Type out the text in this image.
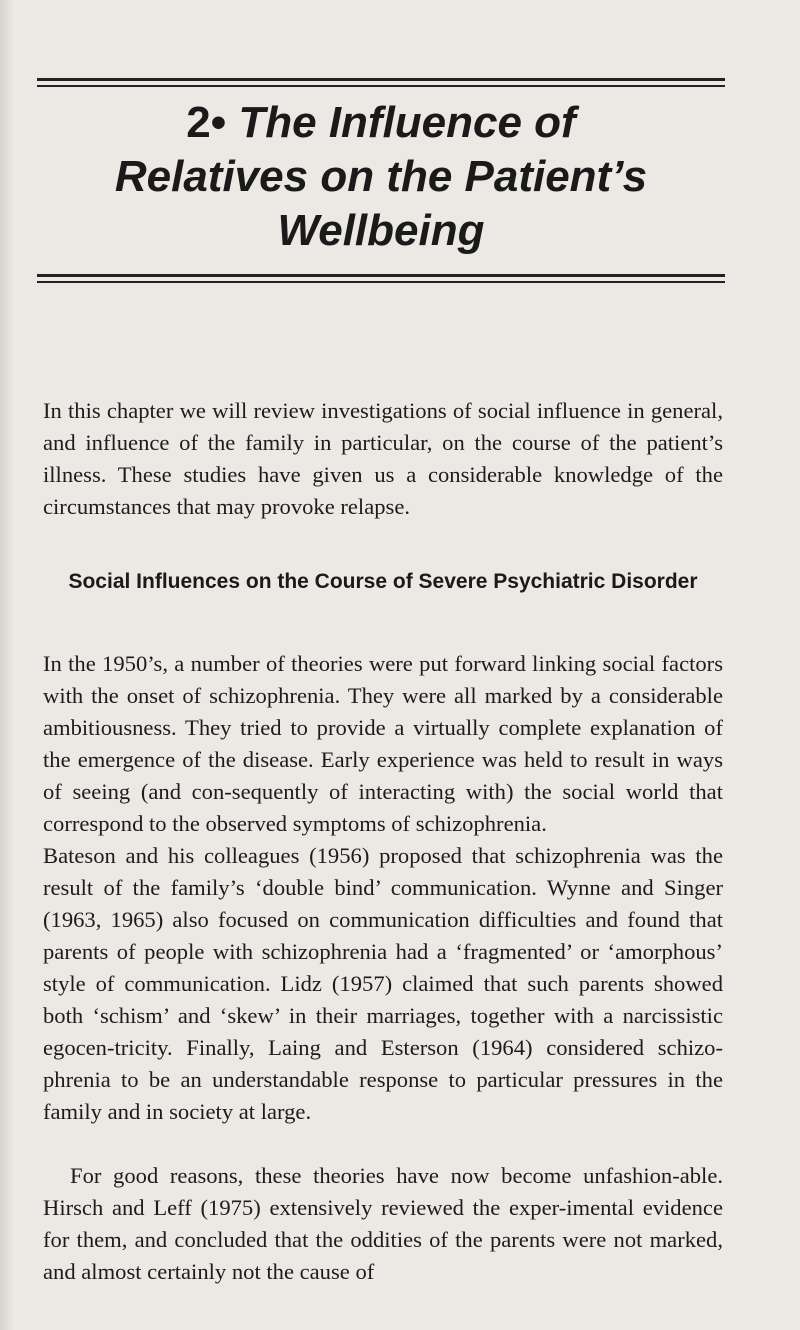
2• The Influence of
Relatives on the Patient’s
Wellbeing

In this chapter we will review investigations of social influence in general, and influence of the family in particular, on the course of the patient’s illness. These studies have given us a considerable knowledge of the circumstances that may provoke relapse.

Social Influences on the Course of Severe Psychiatric Disorder

In the 1950’s, a number of theories were put forward linking social factors with the onset of schizophrenia. They were all marked by a considerable ambitiousness. They tried to provide a virtually complete explanation of the emergence of the disease. Early experience was held to result in ways of seeing (and con-sequently of interacting with) the social world that correspond to the observed symptoms of schizophrenia.

Bateson and his colleagues (1956) proposed that schizophrenia was the result of the family’s ‘double bind’ communication. Wynne and Singer (1963, 1965) also focused on communication difficulties and found that parents of people with schizophrenia had a ‘fragmented’ or ‘amorphous’ style of communication. Lidz (1957) claimed that such parents showed both ‘schism’ and ‘skew’ in their marriages, together with a narcissistic egocen-tricity. Finally, Laing and Esterson (1964) considered schizo-phrenia to be an understandable response to particular pressures in the family and in society at large.

For good reasons, these theories have now become unfashion-able. Hirsch and Leff (1975) extensively reviewed the exper-imental evidence for them, and concluded that the oddities of the parents were not marked, and almost certainly not the cause of
